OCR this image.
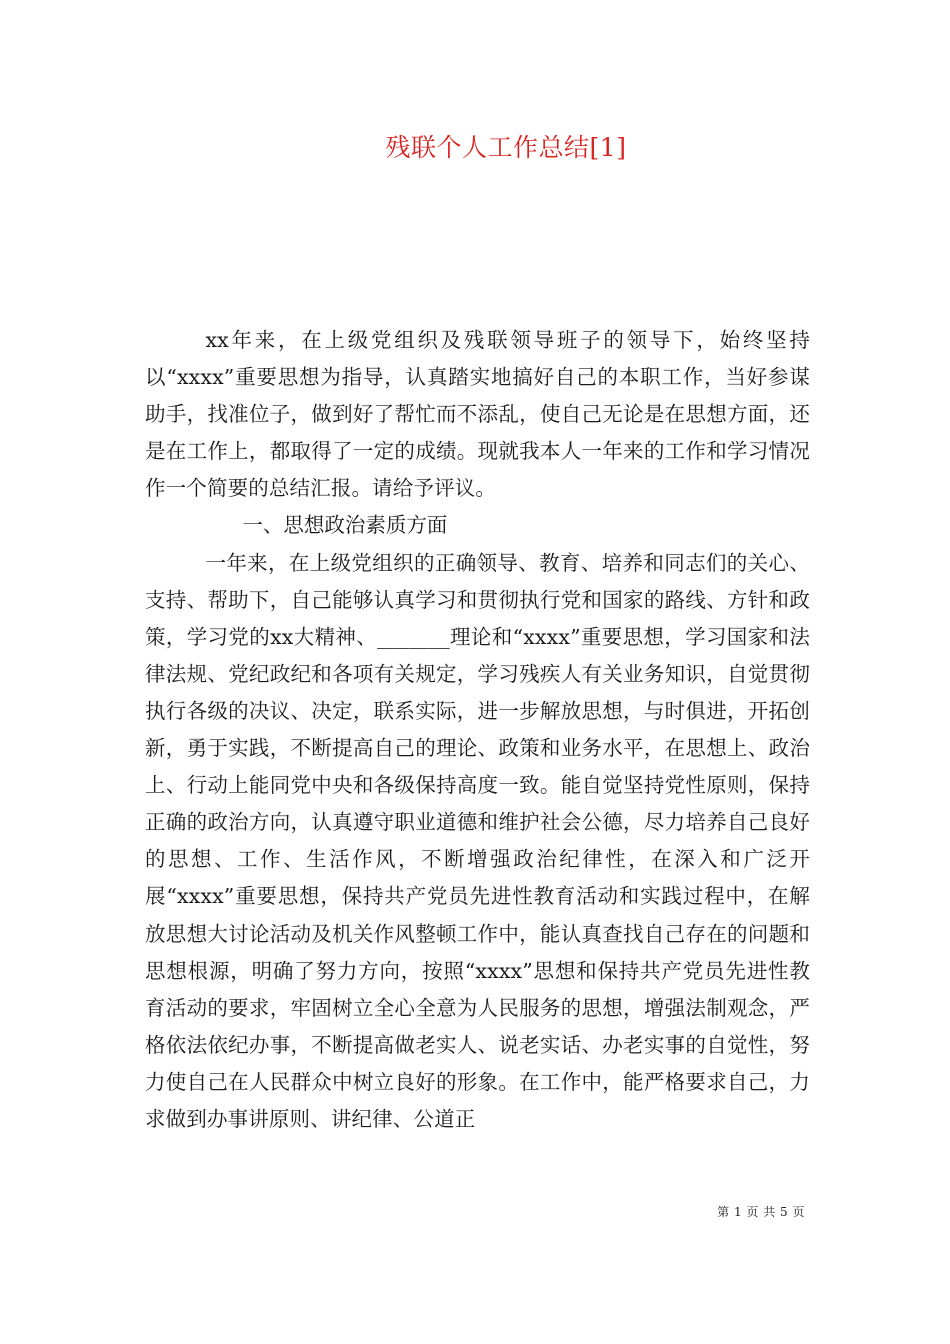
残联个人工作总结[1]

xx年来，在上级党组织及残联领导班子的领导下，始终坚持以“xxxx”重要思想为指导，认真踏实地搞好自己的本职工作，当好参谋助手，找准位子，做到好了帮忙而不添乱，使自己无论是在思想方面，还是在工作上，都取得了一定的成绩。现就我本人一年来的工作和学习情况作一个简要的总结汇报。请给予评议。

一、思想政治素质方面

一年来，在上级党组织的正确领导、教育、培养和同志们的关心、支持、帮助下，自己能够认真学习和贯彻执行党和国家的路线、方针和政策，学习党的xx大精神、_______理论和“xxxx”重要思想，学习国家和法律法规、党纪政纪和各项有关规定，学习残疾人有关业务知识，自觉贯彻执行各级的决议、决定，联系实际，进一步解放思想，与时俱进，开拓创新，勇于实践，不断提高自己的理论、政策和业务水平，在思想上、政治上、行动上能同党中央和各级保持高度一致。能自觉坚持党性原则，保持正确的政治方向，认真遵守职业道德和维护社会公德，尽力培养自己良好的思想、工作、生活作风，不断增强政治纪律性，在深入和广泛开展“xxxx”重要思想，保持共产党员先进性教育活动和实践过程中，在解放思想大讨论活动及机关作风整顿工作中，能认真查找自己存在的问题和思想根源，明确了努力方向，按照“xxxx”思想和保持共产党员先进性教育活动的要求，牢固树立全心全意为人民服务的思想，增强法制观念，严格依法依纪办事，不断提高做老实人、说老实话、办老实事的自觉性，努力使自己在人民群众中树立良好的形象。在工作中，能严格要求自己，力求做到办事讲原则、讲纪律、公道正

第 1 页 共 5 页
